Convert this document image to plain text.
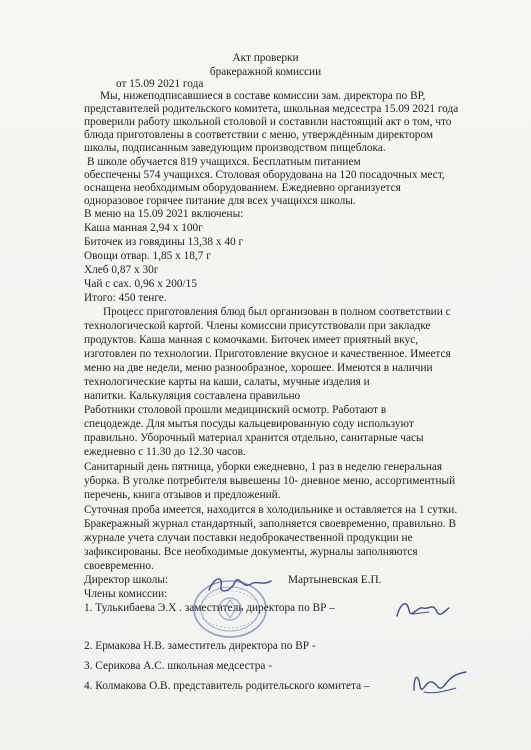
Акт проверки
бракеражной комиссии
от 15.09 2021 года
Мы, нижеподписавшиеся в составе комиссии зам. директора по ВР,
представителей родительского комитета, школьная медсестра 15.09 2021 года
проверили работу школьной столовой и составили настоящий акт о том, что
блюда приготовлены в соответствии с меню, утверждённым директором
школы, подписанным заведующим производством пищеблока.
В школе обучается 819 учащихся. Бесплатным питанием
обеспечены 574 учащихся. Столовая оборудована на 120 посадочных мест,
оснащена необходимым оборудованием. Ежедневно организуется
одноразовое горячее питание для всех учащихся школы.
В меню на 15.09 2021 включены:
Каша манная 2,94 х 100г
Биточек из говядины 13,38 х 40 г
Овощи отвар. 1,85 х 18,7 г
Хлеб 0,87 х 30г
Чай с сах. 0,96 х 200/15
Итого: 450 тенге.
Процесс приготовления блюд был организован в полном соответствии с
технологической картой. Члены комиссии присутствовали при закладке
продуктов. Каша манная с комочками. Биточек имеет приятный вкус,
изготовлен по технологии. Приготовление вкусное и качественное. Имеется
меню на две недели, меню разнообразное, хорошее. Имеются в наличии
технологические карты на каши, салаты, мучные изделия и
напитки. Калькуляция составлена правильно
Работники столовой прошли медицинский осмотр. Работают в
спецодежде. Для мытья посуды кальцевированную соду используют
правильно. Уборочный материал хранится отдельно, санитарные часы
ежедневно с 11.30 до 12.30 часов.
Санитарный день пятница, уборки ежедневно, 1 раз в неделю генеральная
уборка. В уголке потребителя вывешены 10- дневное меню, ассортиментный
перечень, книга отзывов и предложений.
Суточная проба имеется, находится в холодильнике и оставляется на 1 сутки.
Бракеражный журнал стандартный, заполняется своевременно, правильно. В
журнале учета случаи поставки недоброкачественной продукции не
зафиксированы. Все необходимые документы, журналы заполняются
своевременно.
Директор школы:	Мартыневская Е.П.
Члены комиссии:
1. Тулькибаева Э.Х . заместитель директора по ВР –
2. Ермакова Н.В. заместитель директора по ВР -
3. Серикова А.С. школьная медсестра -
4. Колмакова О.В. представитель родительского комитета –
